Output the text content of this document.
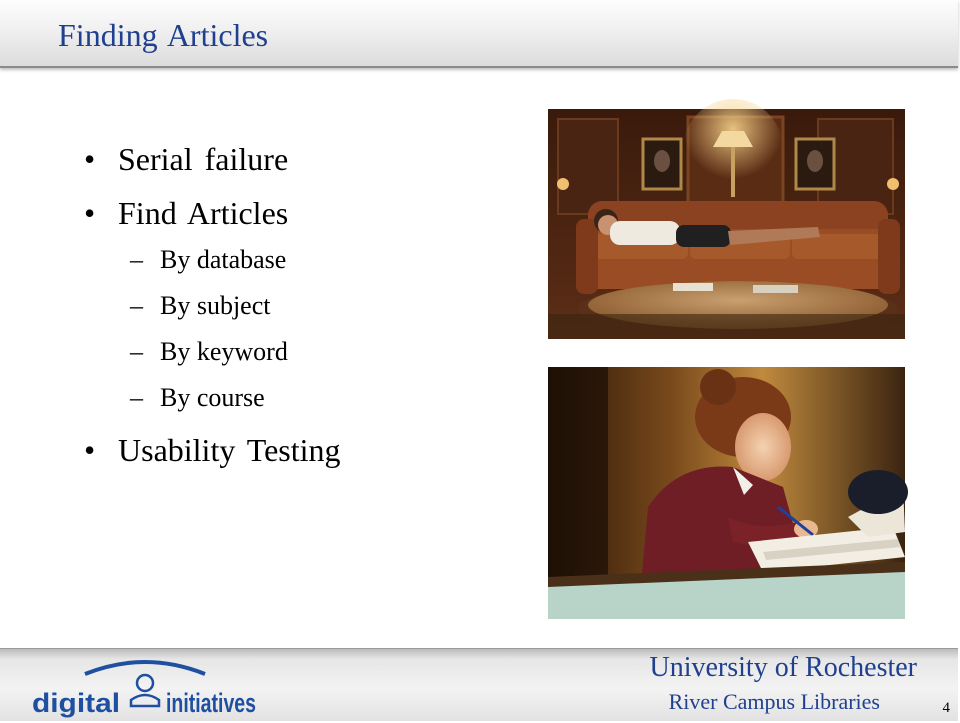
Finding Articles
• Serial failure
• Find Articles
– By database
– By subject
– By keyword
– By course
• Usability Testing
digital initiatives
University of Rochester
River Campus Libraries	4
